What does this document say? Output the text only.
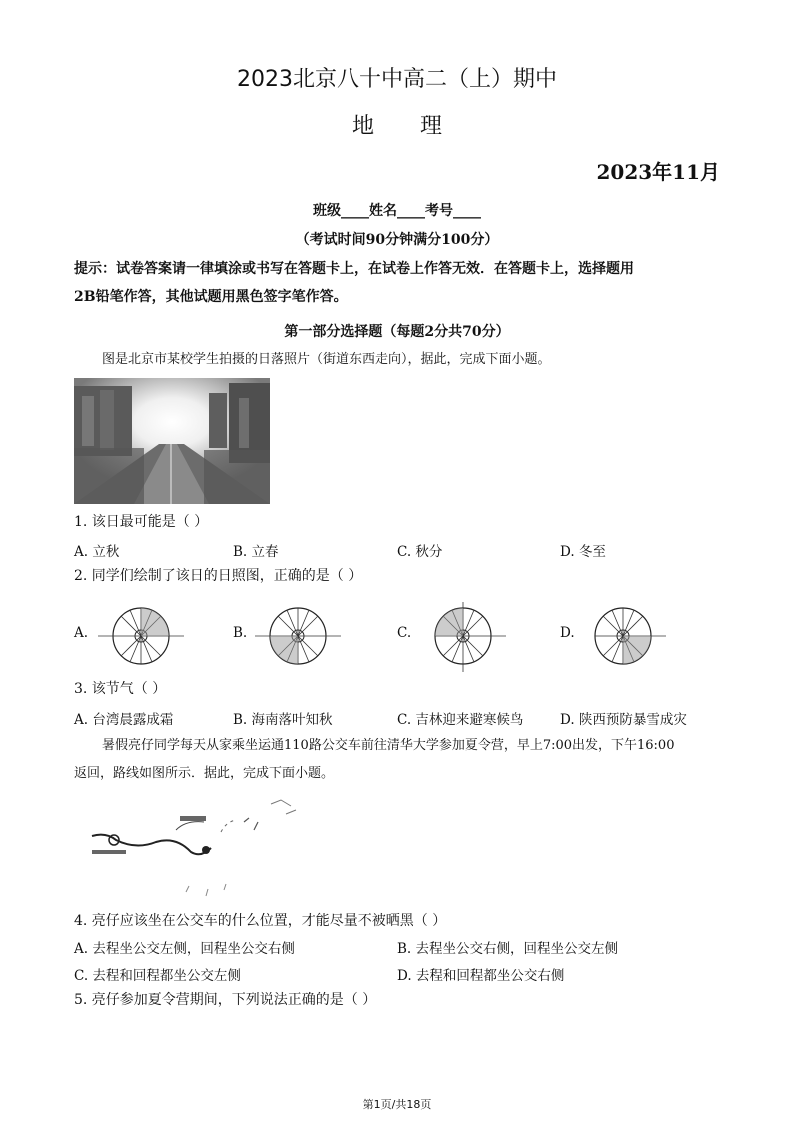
2023北京八十中高二（上）期中
地 理
2023年11月
班级____姓名____考号____
（考试时间90分钟满分100分）
提示：试卷答案请一律填涂或书写在答题卡上，在试卷上作答无效．在答题卡上，选择题用
2B铅笔作答，其他试题用黑色签字笔作答。
第一部分选择题（每题2分共70分）
图是北京市某校学生拍摄的日落照片（街道东西走向），据此，完成下面小题。
1. 该日最可能是（ ）
A. 立秋	B. 立春	C. 秋分	D. 冬至
2. 同学们绘制了该日的日照图，正确的是（ ）
A.	B.	C.	D.
3. 该节气（ ）
A. 台湾晨露成霜	B. 海南落叶知秋	C. 吉林迎来避寒候鸟	D. 陕西预防暴雪成灾
暑假亮仔同学每天从家乘坐运通110路公交车前往清华大学参加夏令营，早上7:00出发，下午16:00
返回，路线如图所示．据此，完成下面小题。
4. 亮仔应该坐在公交车的什么位置，才能尽量不被晒黑（ ）
A. 去程坐公交左侧，回程坐公交右侧	B. 去程坐公交右侧，回程坐公交左侧
C. 去程和回程都坐公交左侧	D. 去程和回程都坐公交右侧
5. 亮仔参加夏令营期间，下列说法正确的是（ ）
第1页/共18页
